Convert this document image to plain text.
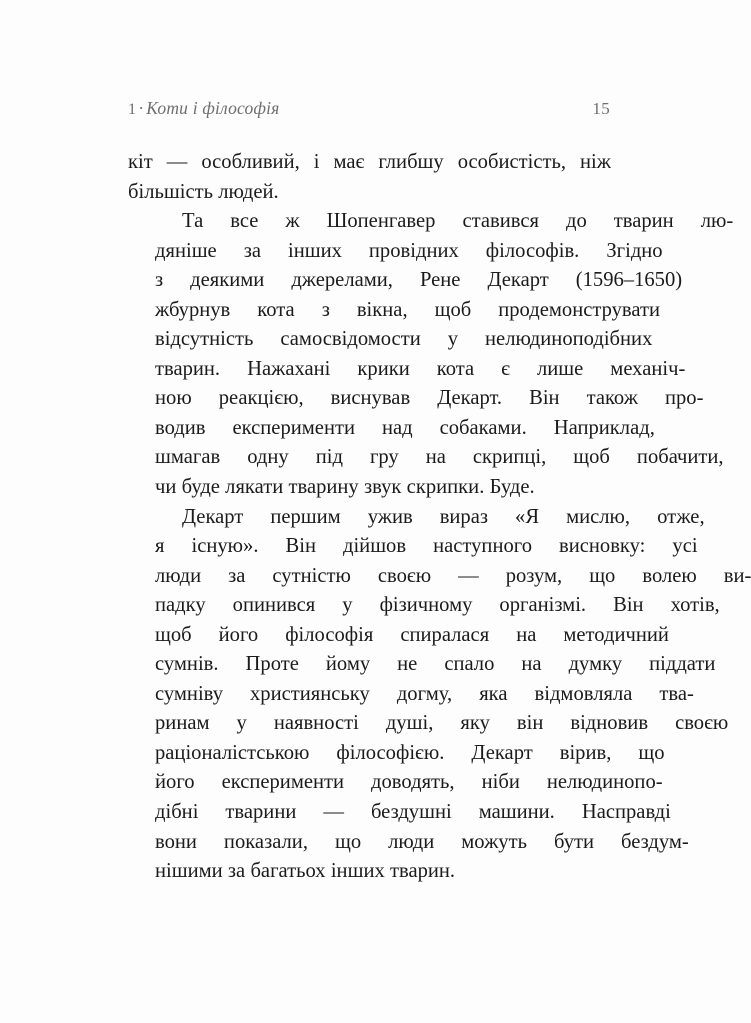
1 · Коти і філософія	15

кіт — особливий, і має глибшу особистість, ніж
більшість людей.

Та	все	ж	Шопенгавер	ставився	до	тварин	лю-
дяніше	за	інших	провідних	філософів.	Згідно
з	деякими	джерелами,	Рене	Декарт	(1596–1650)
жбурнув	кота	з	вікна,	щоб	продемонструвати
відсутність	самосвідомости	у	нелюдиноподібних
тварин.	Нажахані	крики	кота	є	лише	механіч-
ною	реакцією,	виснував	Декарт.	Він	також	про-
водив	експерименти	над	собаками.	Наприклад,
шмагав	одну	під	гру	на	скрипці,	щоб	побачити,
чи буде лякати тварину звук скрипки. Буде.

Декарт	першим	ужив	вираз	«Я	мислю,	отже,
я	існую».	Він	дійшов	наступного	висновку:	усі
люди	за	сутністю	своєю	—	розум,	що	волею	ви-
падку	опинився	у	фізичному	організмі.	Він	хотів,
щоб	його	філософія	спиралася	на	методичний
сумнів.	Проте	йому	не	спало	на	думку	піддати
сумніву	християнську	догму,	яка	відмовляла	тва-
ринам	у	наявності	душі,	яку	він	відновив	своєю
раціоналістською	філософією.	Декарт	вірив,	що
його	експерименти	доводять,	ніби	нелюдинопо-
дібні	тварини	—	бездушні	машини.	Насправді
вони	показали,	що	люди	можуть	бути	бездум-
нішими за багатьох інших тварин.
